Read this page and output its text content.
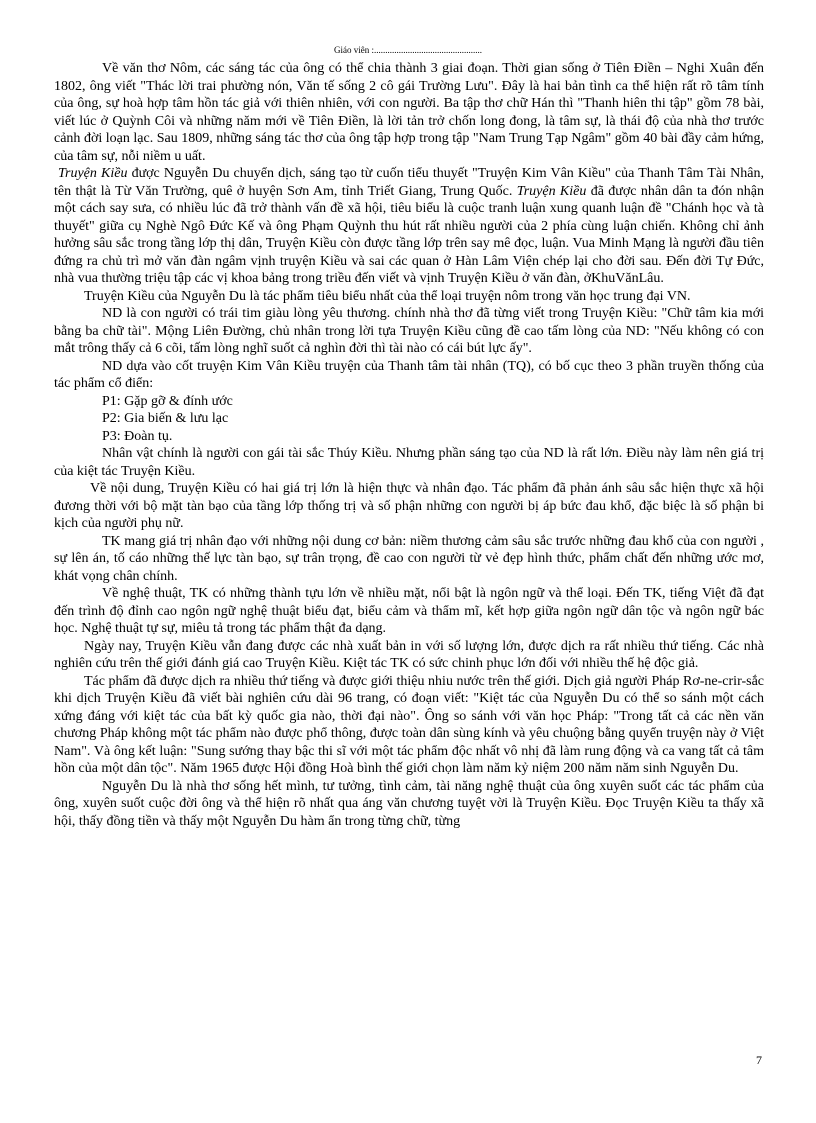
Giáo viên :................................................

Về văn thơ Nôm, các sáng tác của ông có thể chia thành 3 giai đoạn. Thời gian sống ở Tiên Điền – Nghi Xuân đến 1802, ông viết "Thác lời trai phường nón, Văn tế sống 2 cô gái Trường Lưu". Đây là hai bản tình ca thể hiện rất rõ tâm tính của ông, sự hoà hợp tâm hồn tác giả với thiên nhiên, với con người. Ba tập thơ chữ Hán thì "Thanh hiên thi tập" gồm 78 bài, viết lúc ở Quỳnh Côi và những năm mới về Tiên Điền, là lời tản trở chốn long đong, là tâm sự, là thái độ của nhà thơ trước cảnh đời loạn lạc. Sau 1809, những sáng tác thơ của ông tập hợp trong tập "Nam Trung Tạp Ngâm" gồm 40 bài đầy cảm hứng, của tâm sự, nỗi niềm u uất.

Truyện Kiều được Nguyễn Du chuyển dịch, sáng tạo từ cuốn tiểu thuyết "Truyện Kim Vân Kiều" của Thanh Tâm Tài Nhân, tên thật là Từ Văn Trường, quê ở huyện Sơn Am, tỉnh Triết Giang, Trung Quốc. Truyện Kiều đã được nhân dân ta đón nhận một cách say sưa, có nhiều lúc đã trở thành vấn đề xã hội, tiêu biểu là cuộc tranh luận xung quanh luận đề "Chánh học và tà thuyết" giữa cụ Nghè Ngô Đức Kế và ông Phạm Quỳnh thu hút rất nhiều người của 2 phía cùng luận chiến. Không chỉ ảnh hưởng sâu sắc trong tầng lớp thị dân, Truyện Kiều còn được tầng lớp trên say mê đọc, luận. Vua Minh Mạng là người đầu tiên đứng ra chủ trì mở văn đàn ngâm vịnh truyện Kiều và sai các quan ở Hàn Lâm Viện chép lại cho đời sau. Đến đời Tự Đức, nhà vua thường triệu tập các vị khoa bảng trong triều đến viết và vịnh Truyện Kiều ở văn đàn, ởKhuVănLâu.

Truyện Kiều của Nguyễn Du là tác phẩm tiêu biểu nhất của thể loại truyện nôm trong văn học trung đại VN.

ND là con người có trái tim giàu lòng yêu thương. chính nhà thơ đã từng viết trong Truyện Kiều: "Chữ tâm kia mới bằng ba chữ tài". Mộng Liên Đường, chủ nhân trong lời tựa Truyện Kiều cũng đề cao tấm lòng của ND: "Nếu không có con mắt trông thấy cả 6 cõi, tấm lòng nghĩ suốt cả nghìn đời thì tài nào có cái bút lực ấy".

ND dựa vào cốt truyện Kim Vân Kiều truyện của Thanh tâm tài nhân (TQ), có bố cục theo 3 phần truyền thống của tác phẩm cổ điển:

P1: Gặp gỡ & đính ước

P2: Gia biến & lưu lạc

P3: Đoàn tụ.

Nhân vật chính là người con gái tài sắc Thúy Kiều. Nhưng phần sáng tạo của ND là rất lớn. Điều này làm nên giá trị của kiệt tác Truyện Kiều.

Về nội dung, Truyện Kiều có hai giá trị lớn là hiện thực và nhân đạo. Tác phẩm đã phản ánh sâu sắc hiện thực xã hội đương thời với bộ mặt tàn bạo của tầng lớp thống trị và số phận những con người bị áp bức đau khổ, đặc biệc là số phận bi kịch của người phụ nữ.

TK mang giá trị nhân đạo với những nội dung cơ bản: niềm thương cảm sâu sắc trước những đau khổ của con người , sự lên án, tố cáo những thế lực tàn bạo, sự trân trọng, đề cao con người từ vẻ đẹp hình thức, phẩm chất đến những ước mơ, khát vọng chân chính.

Về nghệ thuật, TK có những thành tựu lớn về nhiều mặt, nổi bật là ngôn ngữ và thể loại. Đến TK, tiếng Việt đã đạt đến trình độ đỉnh cao ngôn ngữ nghệ thuật biểu đạt, biểu cảm và thẩm mĩ, kết hợp giữa ngôn ngữ dân tộc và ngôn ngữ bác học. Nghệ thuật tự sự, miêu tả trong tác phẩm thật đa dạng.

Ngày nay, Truyện Kiều vẫn đang được các nhà xuất bản in với số lượng lớn, được dịch ra rất nhiều thứ tiếng. Các nhà nghiên cứu trên thế giới đánh giá cao Truyện Kiều. Kiệt tác TK có sức chinh phục lớn đối với nhiều thế hệ độc giả.

Tác phẩm đã được dịch ra nhiều thứ tiếng và được giới thiệu nhiu nước trên thế giới. Dịch giả người Pháp Rơ-ne-crir-sắc khi dịch Truyện Kiều đã viết bài nghiên cứu dài 96 trang, có đoạn viết: "Kiệt tác của Nguyễn Du có thể so sánh một cách xứng đáng với kiệt tác của bất kỳ quốc gia nào, thời đại nào". Ông so sánh với văn học Pháp: "Trong tất cả các nền văn chương Pháp không một tác phẩm nào được phổ thông, được toàn dân sùng kính và yêu chuộng bằng quyển truyện này ở Việt Nam". Và ông kết luận: "Sung sướng thay bậc thi sĩ với một tác phẩm độc nhất vô nhị đã làm rung động và ca vang tất cả tâm hồn của một dân tộc". Năm 1965 được Hội đồng Hoà bình thế giới chọn làm năm kỷ niệm 200 năm năm sinh Nguyễn Du.

Nguyễn Du là nhà thơ sống hết mình, tư tưởng, tình cảm, tài năng nghệ thuật của ông xuyên suốt các tác phẩm của ông, xuyên suốt cuộc đời ông và thể hiện rõ nhất qua áng văn chương tuyệt vời là Truyện Kiều. Đọc Truyện Kiều ta thấy xã hội, thấy đồng tiền và thấy một Nguyễn Du hàm ẩn trong từng chữ, từng

7
